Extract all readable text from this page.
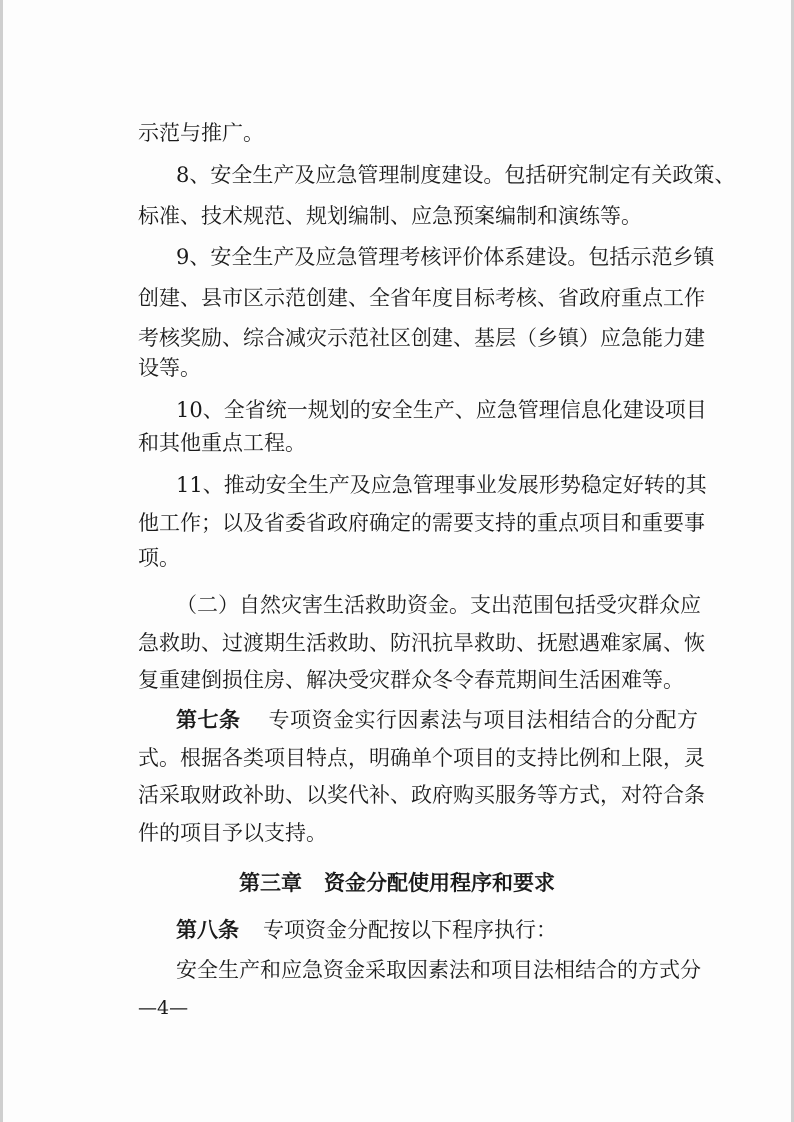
示范与推广。
8、安全生产及应急管理制度建设。包括研究制定有关政策、
标准、技术规范、规划编制、应急预案编制和演练等。
9、安全生产及应急管理考核评价体系建设。包括示范乡镇
创建、县市区示范创建、全省年度目标考核、省政府重点工作
考核奖励、综合减灾示范社区创建、基层（乡镇）应急能力建
设等。
10、全省统一规划的安全生产、应急管理信息化建设项目
和其他重点工程。
11、推动安全生产及应急管理事业发展形势稳定好转的其
他工作；以及省委省政府确定的需要支持的重点项目和重要事
项。
（二）自然灾害生活救助资金。支出范围包括受灾群众应
急救助、过渡期生活救助、防汛抗旱救助、抚慰遇难家属、恢
复重建倒损住房、解决受灾群众冬令春荒期间生活困难等。
第七条 专项资金实行因素法与项目法相结合的分配方
式。根据各类项目特点，明确单个项目的支持比例和上限，灵
活采取财政补助、以奖代补、政府购买服务等方式，对符合条
件的项目予以支持。
第三章   资金分配使用程序和要求
第八条 专项资金分配按以下程序执行：
安全生产和应急资金采取因素法和项目法相结合的方式分
—4—
